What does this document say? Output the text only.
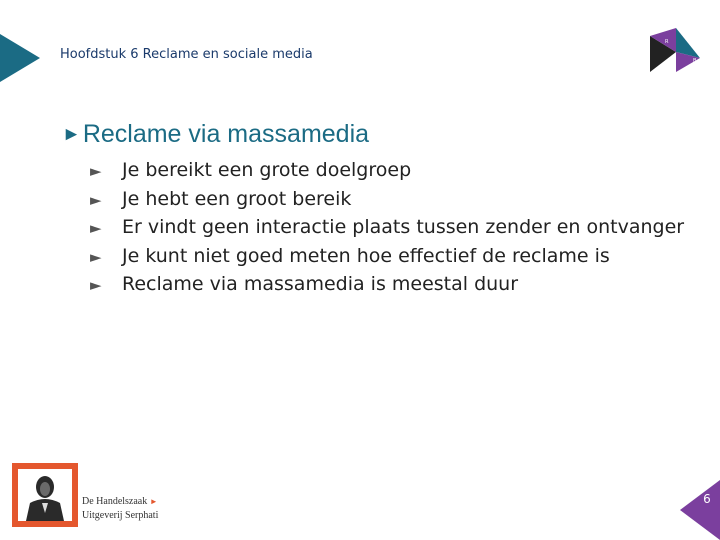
Hoofdstuk 6 Reclame en sociale media
R
B
►Reclame via massamedia
► Je bereikt een grote doelgroep
► Je hebt een groot bereik
► Er vindt geen interactie plaats tussen zender en ontvanger
► Je kunt niet goed meten hoe effectief de reclame is
► Reclame via massamedia is meestal duur
De Handelszaak ►
Uitgeverij Serphati
6
